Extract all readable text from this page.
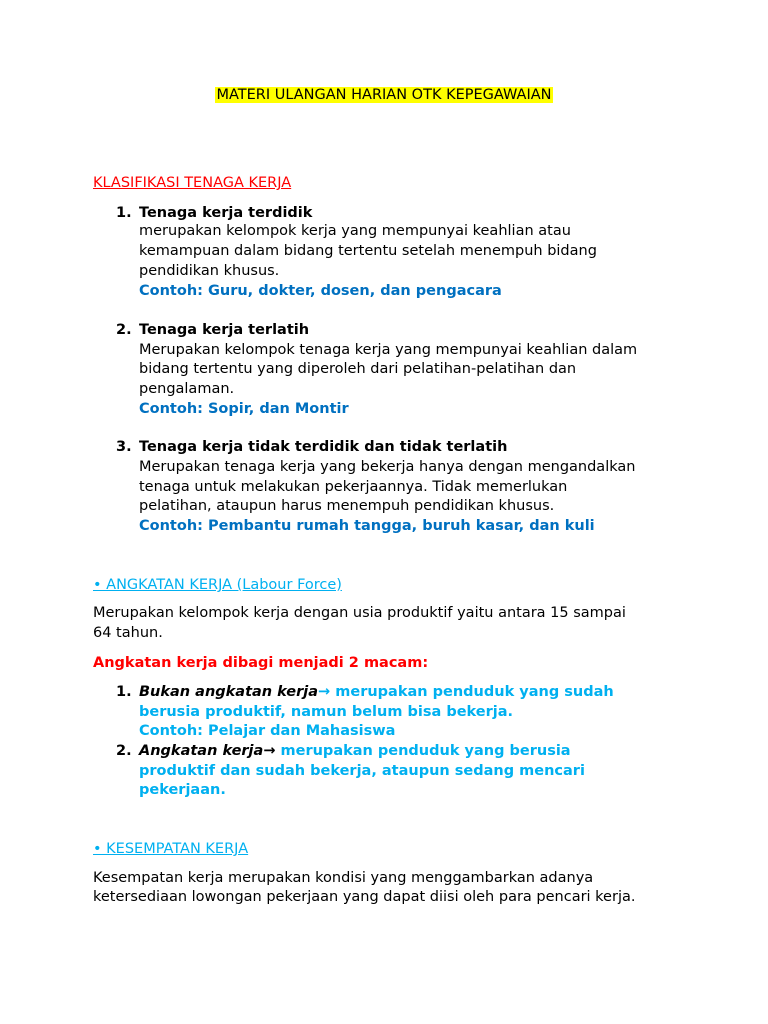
MATERI ULANGAN HARIAN OTK KEPEGAWAIAN
KLASIFIKASI TENAGA KERJA
1. Tenaga kerja terdidik
merupakan kelompok kerja yang mempunyai keahlian atau
kemampuan dalam bidang tertentu setelah menempuh bidang
pendidikan khusus.
Contoh: Guru, dokter, dosen, dan pengacara
2. Tenaga kerja terlatih
Merupakan kelompok tenaga kerja yang mempunyai keahlian dalam
bidang tertentu yang diperoleh dari pelatihan-pelatihan dan
pengalaman.
Contoh: Sopir, dan Montir
3. Tenaga kerja tidak terdidik dan tidak terlatih
Merupakan tenaga kerja yang bekerja hanya dengan mengandalkan
tenaga untuk melakukan pekerjaannya. Tidak memerlukan
pelatihan, ataupun harus menempuh pendidikan khusus.
Contoh: Pembantu rumah tangga, buruh kasar, dan kuli
• ANGKATAN KERJA (Labour Force)
Merupakan kelompok kerja dengan usia produktif yaitu antara 15 sampai
64 tahun.
Angkatan kerja dibagi menjadi 2 macam:
1. Bukan angkatan kerja→ merupakan penduduk yang sudah
berusia produktif, namun belum bisa bekerja.
Contoh: Pelajar dan Mahasiswa
2. Angkatan kerja→ merupakan penduduk yang berusia
produktif dan sudah bekerja, ataupun sedang mencari
pekerjaan.
• KESEMPATAN KERJA
Kesempatan kerja merupakan kondisi yang menggambarkan adanya
ketersediaan lowongan pekerjaan yang dapat diisi oleh para pencari kerja.
